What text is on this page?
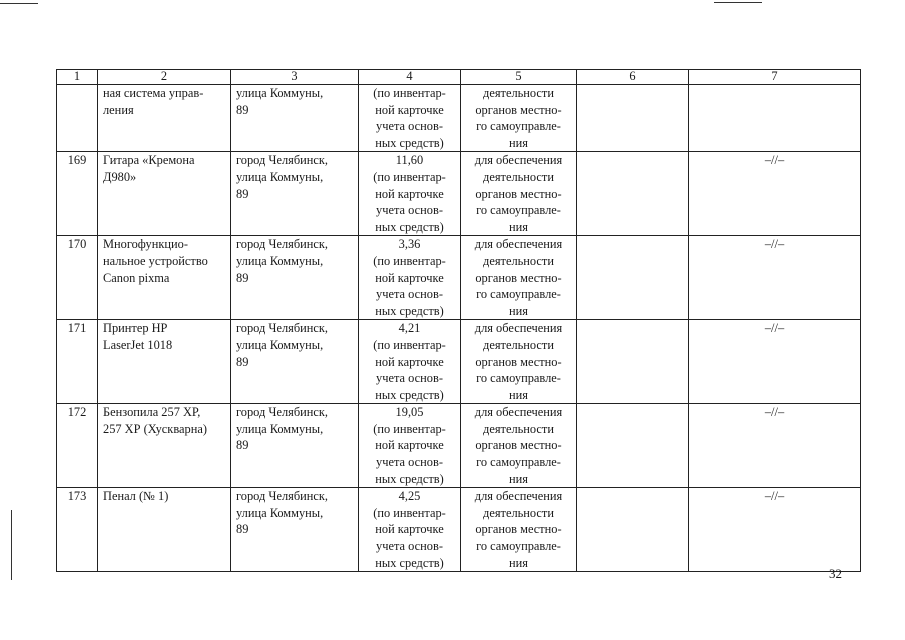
1	2	3	4	5	6	7
	ная система управ-
ления	улица Коммуны,
89	(по инвентар-
ной карточке
учета основ-
ных средств)	деятельности
органов местно-
го самоуправле-
ния		
169	Гитара «Кремона
Д980»	город Челябинск,
улица Коммуны,
89	11,60
(по инвентар-
ной карточке
учета основ-
ных средств)	для обеспечения
деятельности
органов местно-
го самоуправле-
ния		–//–
170	Многофункцио-
нальное устройство
Canon pixma	город Челябинск,
улица Коммуны,
89	3,36
(по инвентар-
ной карточке
учета основ-
ных средств)	для обеспечения
деятельности
органов местно-
го самоуправле-
ния		–//–
171	Принтер НР
LaserJet 1018	город Челябинск,
улица Коммуны,
89	4,21
(по инвентар-
ной карточке
учета основ-
ных средств)	для обеспечения
деятельности
органов местно-
го самоуправле-
ния		–//–
172	Бензопила 257 ХР,
257 ХР (Хускварна)	город Челябинск,
улица Коммуны,
89	19,05
(по инвентар-
ной карточке
учета основ-
ных средств)	для обеспечения
деятельности
органов местно-
го самоуправле-
ния		–//–
173	Пенал (№ 1)	город Челябинск,
улица Коммуны,
89	4,25
(по инвентар-
ной карточке
учета основ-
ных средств)	для обеспечения
деятельности
органов местно-
го самоуправле-
ния		–//–
32
